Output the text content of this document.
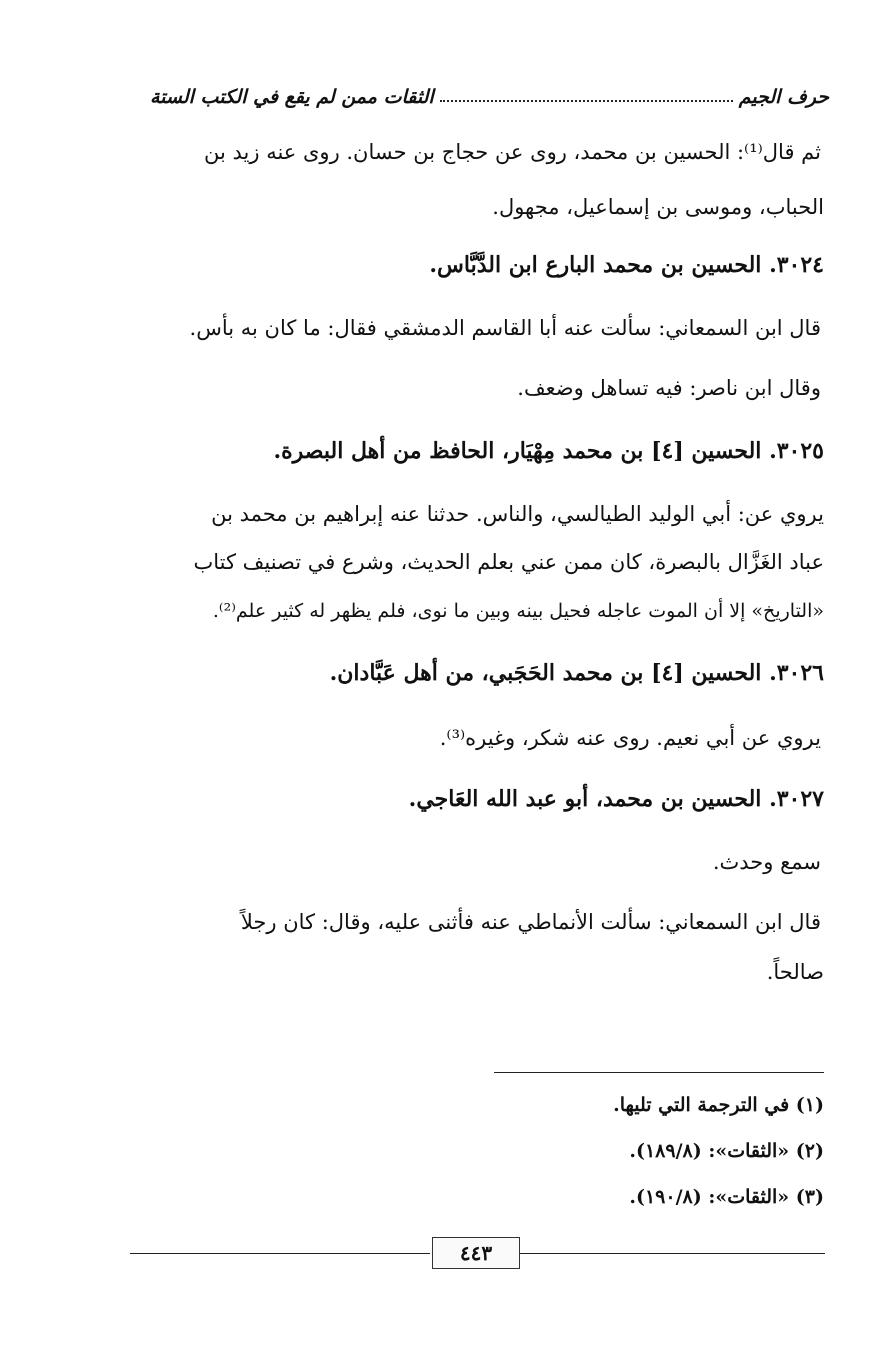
حرف الجيم
الثقات ممن لم يقع في الكتب الستة
ثم قال⁽¹⁾: الحسين بن محمد، روى عن حجاج بن حسان. روى عنه زيد بن
الحباب، وموسى بن إسماعيل، مجهول.
٣٠٢٤. الحسين بن محمد البارع ابن الدَّبَّاس.
قال ابن السمعاني: سألت عنه أبا القاسم الدمشقي فقال: ما كان به بأس.
وقال ابن ناصر: فيه تساهل وضعف.
٣٠٢٥. الحسين [٤] بن محمد مِهْيَار، الحافظ من أهل البصرة.
يروي عن: أبي الوليد الطيالسي، والناس. حدثنا عنه إبراهيم بن محمد بن
عباد الغَزَّال بالبصرة، كان ممن عني بعلم الحديث، وشرع في تصنيف كتاب
«التاريخ» إلا أن الموت عاجله فحيل بينه وبين ما نوى، فلم يظهر له كثير علم⁽²⁾.
٣٠٢٦. الحسين [٤] بن محمد الحَجَبي، من أهل عَبَّادان.
يروي عن أبي نعيم. روى عنه شكر، وغيره⁽³⁾.
٣٠٢٧. الحسين بن محمد، أبو عبد الله العَاجي.
سمع وحدث.
قال ابن السمعاني: سألت الأنماطي عنه فأثنى عليه، وقال: كان رجلاً
صالحاً.
(١) في الترجمة التي تليها.
(٢) «الثقات»: (١٨٩/٨).
(٣) «الثقات»: (١٩٠/٨).
٤٤٣
